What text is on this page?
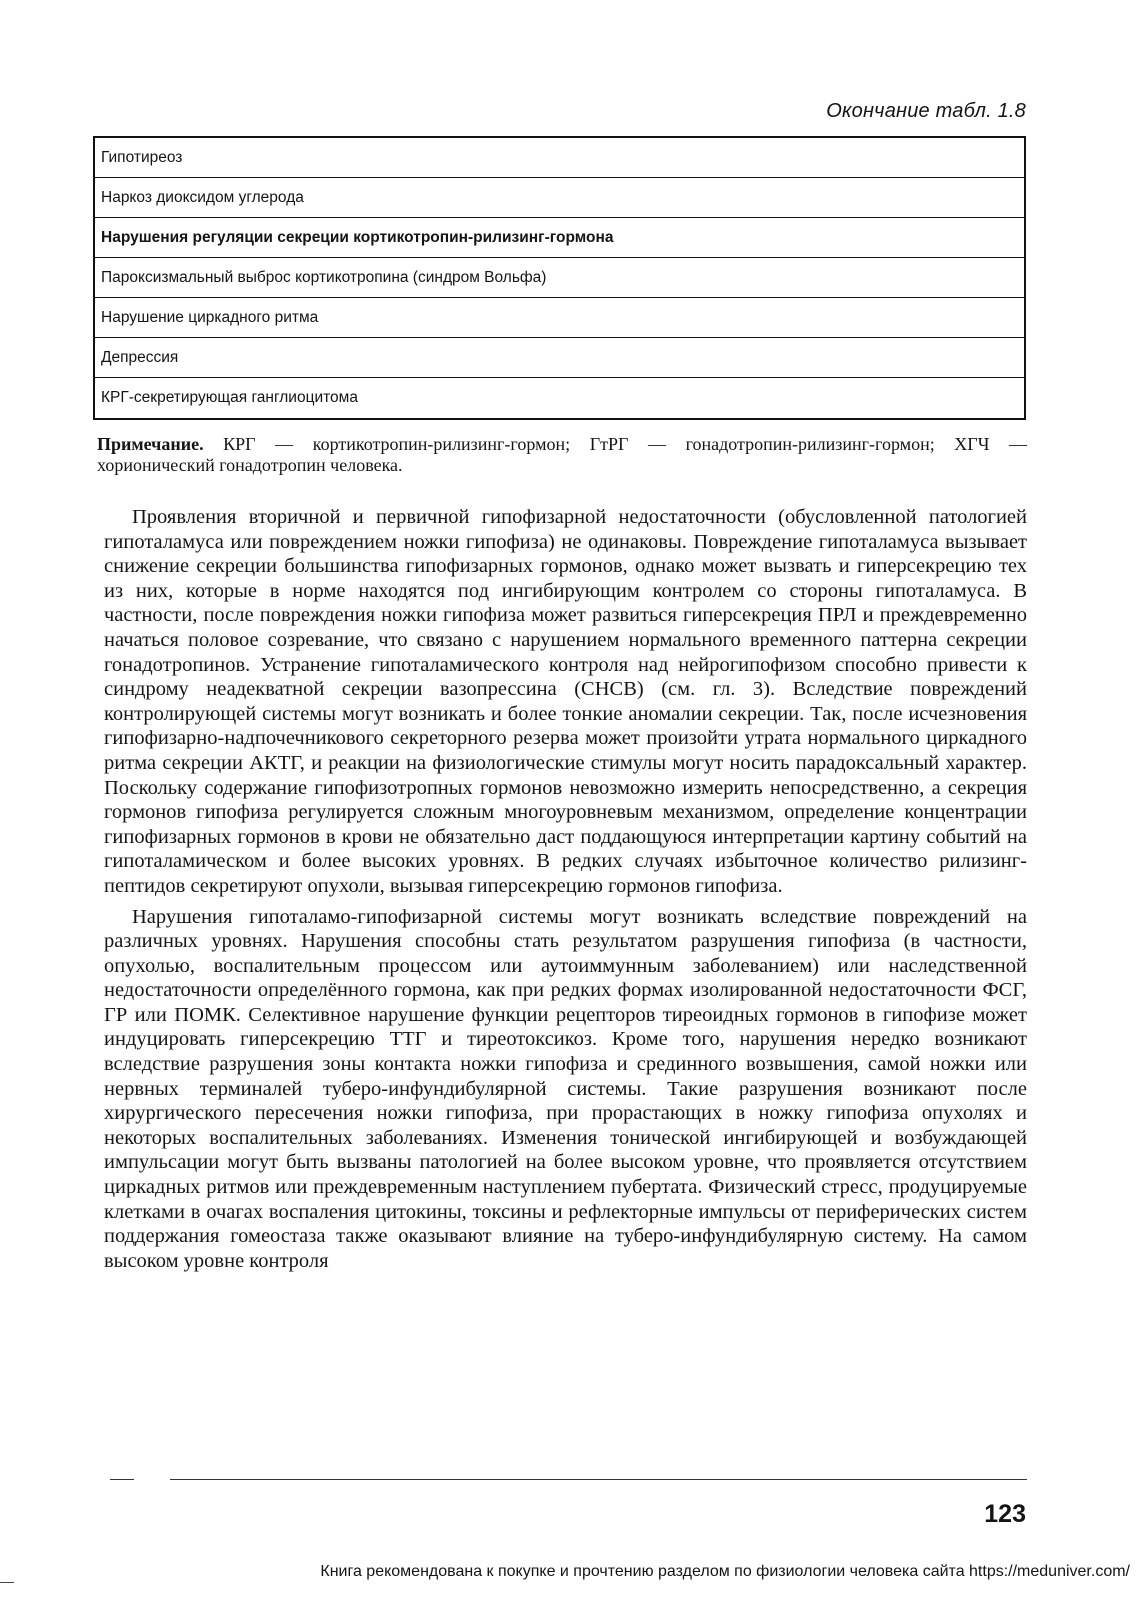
Окончание табл. 1.8
Гипотиреоз
Наркоз диоксидом углерода
Нарушения регуляции секреции кортикотропин-рилизинг-гормона
Пароксизмальный выброс кортикотропина (синдром Вольфа)
Нарушение циркадного ритма
Депрессия
КРГ-секретирующая ганглиоцитома
Примечание. КРГ — кортикотропин-рилизинг-гормон; ГтРГ — гонадотропин-рилизинг-гормон; ХГЧ — хорионический гонадотропин человека.

Проявления вторичной и первичной гипофизарной недостаточности (обусловленной патологией гипоталамуса или повреждением ножки гипофиза) не одинаковы. Повреждение гипоталамуса вызывает снижение секреции большинства гипофизарных гормонов, однако может вызвать и гиперсекрецию тех из них, которые в норме находятся под ингибирующим контролем со стороны гипоталамуса. В частности, после повреждения ножки гипофиза может развиться гиперсекреция ПРЛ и преждевременно начаться половое созревание, что связано с нарушением нормального временного паттерна секреции гонадотропинов. Устранение гипоталамического контроля над нейрогипофизом способно привести к синдрому неадекватной секреции вазопрессина (СНСВ) (см. гл. 3). Вследствие повреждений контролирующей системы могут возникать и более тонкие аномалии секреции. Так, после исчезновения гипофизарно-надпочечникового секреторного резерва может произойти утрата нормального циркадного ритма секреции АКТГ, и реакции на физиологические стимулы могут носить парадоксальный характер. Поскольку содержание гипофизотропных гормонов невозможно измерить непосредственно, а секреция гормонов гипофиза регулируется сложным многоуровневым механизмом, определение концентрации гипофизарных гормонов в крови не обязательно даст поддающуюся интерпретации картину событий на гипоталамическом и более высоких уровнях. В редких случаях избыточное количество рилизинг-пептидов секретируют опухоли, вызывая гиперсекрецию гормонов гипофиза.

Нарушения гипоталамо-гипофизарной системы могут возникать вследствие повреждений на различных уровнях. Нарушения способны стать результатом разрушения гипофиза (в частности, опухолью, воспалительным процессом или аутоиммунным заболеванием) или наследственной недостаточности определённого гормона, как при редких формах изолированной недостаточности ФСГ, ГР или ПОМК. Селективное нарушение функции рецепторов тиреоидных гормонов в гипофизе может индуцировать гиперсекрецию ТТГ и тиреотоксикоз. Кроме того, нарушения нередко возникают вследствие разрушения зоны контакта ножки гипофиза и срединного возвышения, самой ножки или нервных терминалей туберо-инфундибулярной системы. Такие разрушения возникают после хирургического пересечения ножки гипофиза, при прорастающих в ножку гипофиза опухолях и некоторых воспалительных заболеваниях. Изменения тонической ингибирующей и возбуждающей импульсации могут быть вызваны патологией на более высоком уровне, что проявляется отсутствием циркадных ритмов или преждевременным наступлением пубертата. Физический стресс, продуцируемые клетками в очагах воспаления цитокины, токсины и рефлекторные импульсы от периферических систем поддержания гомеостаза также оказывают влияние на туберо-инфундибулярную систему. На самом высоком уровне контроля

123
Книга рекомендована к покупке и прочтению разделом по физиологии человека сайта https://meduniver.com/
